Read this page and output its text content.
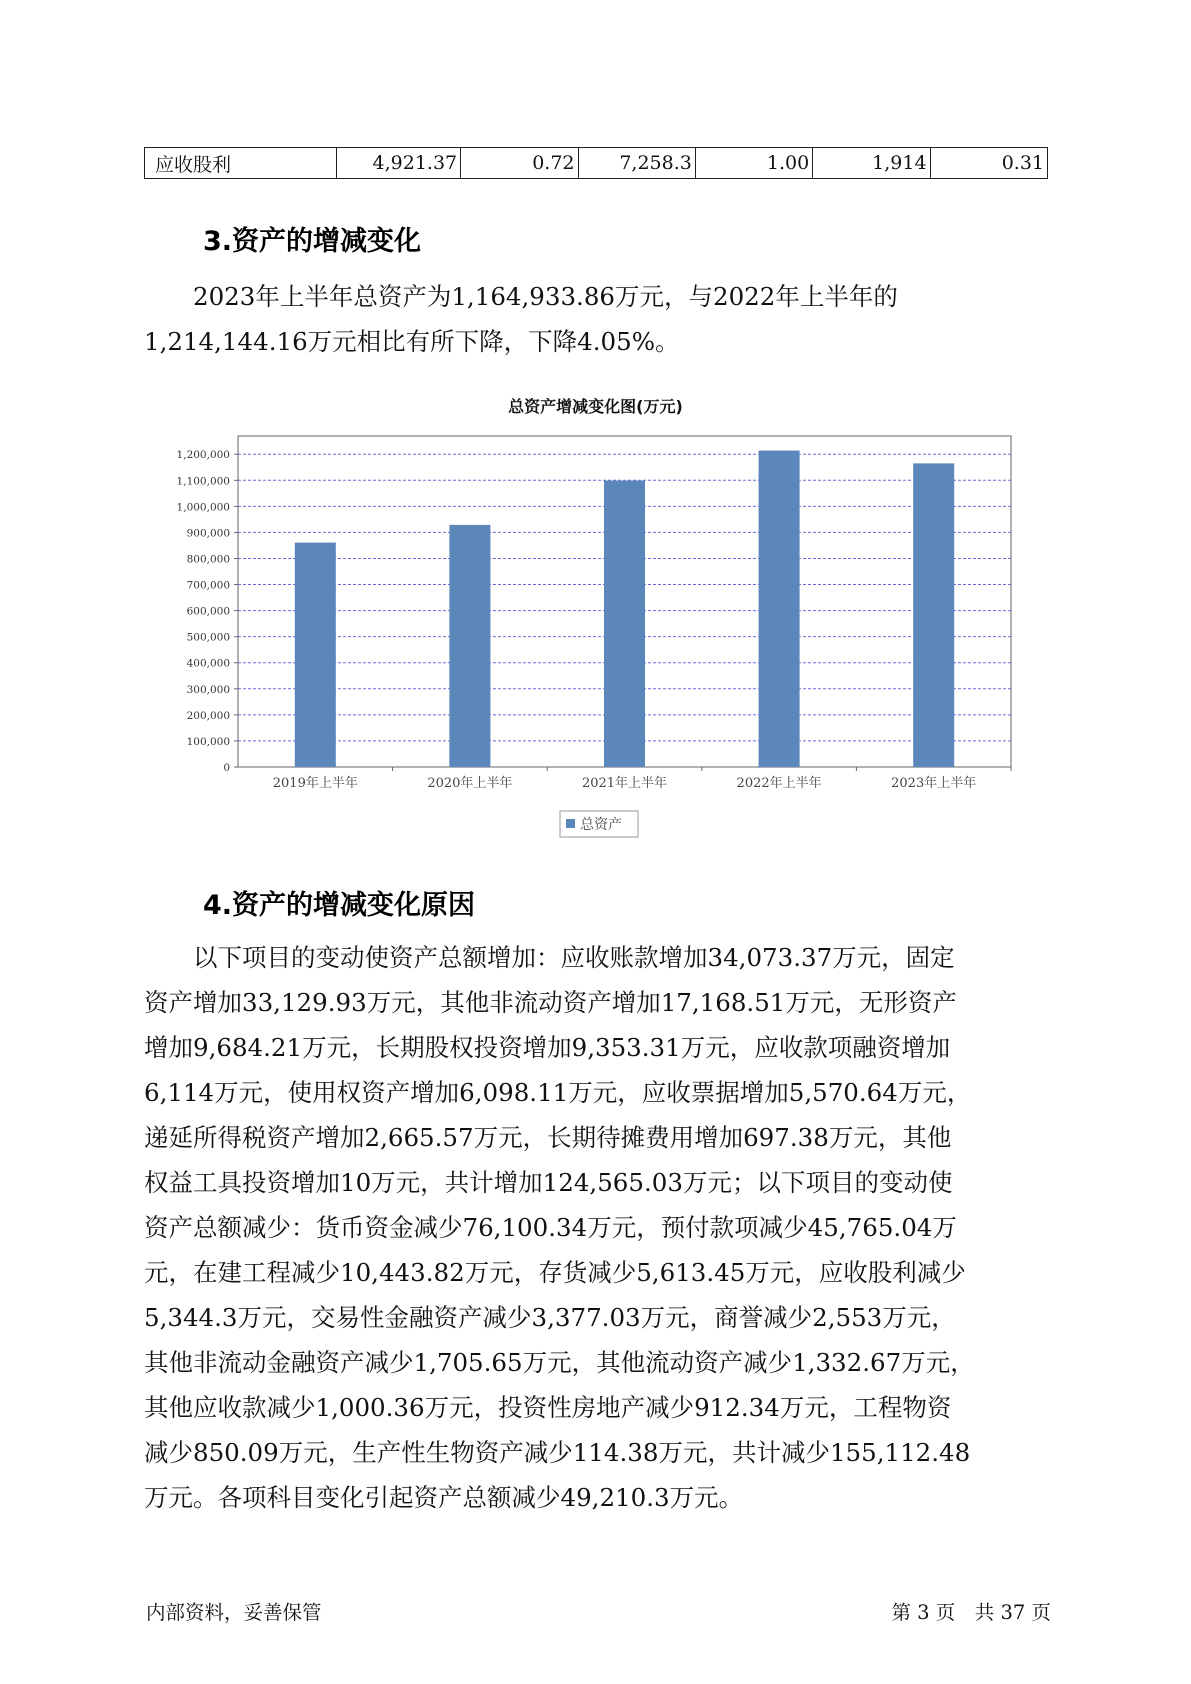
应收股利	4,921.37	0.72	7,258.3	1.00	1,914	0.31
3.资产的增减变化
　　2023年上半年总资产为1,164,933.86万元，与2022年上半年的
1,214,144.16万元相比有所下降，下降4.05%。
总资产增减变化图(万元)
0
100,000
200,000
300,000
400,000
500,000
600,000
700,000
800,000
900,000
1,000,000
1,100,000
1,200,000
2019年上半年	2020年上半年	2021年上半年	2022年上半年	2023年上半年
总资产
4.资产的增减变化原因
　　以下项目的变动使资产总额增加：应收账款增加34,073.37万元，固定
资产增加33,129.93万元，其他非流动资产增加17,168.51万元，无形资产
增加9,684.21万元，长期股权投资增加9,353.31万元，应收款项融资增加
6,114万元，使用权资产增加6,098.11万元，应收票据增加5,570.64万元，
递延所得税资产增加2,665.57万元，长期待摊费用增加697.38万元，其他
权益工具投资增加10万元，共计增加124,565.03万元；以下项目的变动使
资产总额减少：货币资金减少76,100.34万元，预付款项减少45,765.04万
元，在建工程减少10,443.82万元，存货减少5,613.45万元，应收股利减少
5,344.3万元，交易性金融资产减少3,377.03万元，商誉减少2,553万元，
其他非流动金融资产减少1,705.65万元，其他流动资产减少1,332.67万元，
其他应收款减少1,000.36万元，投资性房地产减少912.34万元，工程物资
减少850.09万元，生产性生物资产减少114.38万元，共计减少155,112.48
万元。各项科目变化引起资产总额减少49,210.3万元。
内部资料，妥善保管	第 3 页　共 37 页
